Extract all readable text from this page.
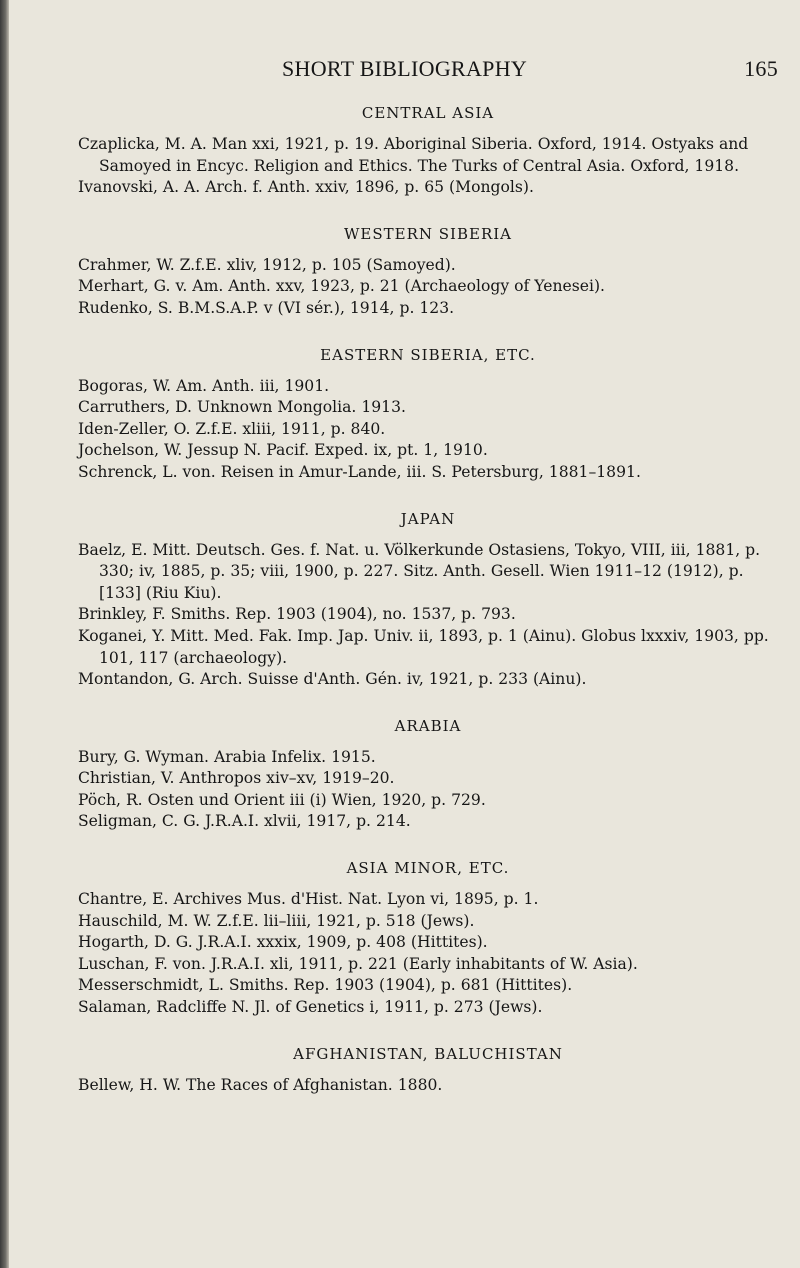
SHORT BIBLIOGRAPHY	165
CENTRAL ASIA

Czaplicka, M. A. Man xxi, 1921, p. 19. Aboriginal Siberia. Oxford, 1914. Ostyaks and Samoyed in Encyc. Religion and Ethics. The Turks of Central Asia. Oxford, 1918.

Ivanovski, A. A. Arch. f. Anth. xxiv, 1896, p. 65 (Mongols).

WESTERN SIBERIA

Crahmer, W. Z.f.E. xliv, 1912, p. 105 (Samoyed).

Merhart, G. v. Am. Anth. xxv, 1923, p. 21 (Archaeology of Yenesei).

Rudenko, S. B.M.S.A.P. v (VI sér.), 1914, p. 123.

EASTERN SIBERIA, ETC.

Bogoras, W. Am. Anth. iii, 1901.

Carruthers, D. Unknown Mongolia. 1913.

Iden-Zeller, O. Z.f.E. xliii, 1911, p. 840.

Jochelson, W. Jessup N. Pacif. Exped. ix, pt. 1, 1910.

Schrenck, L. von. Reisen in Amur-Lande, iii. S. Petersburg, 1881–1891.

JAPAN

Baelz, E. Mitt. Deutsch. Ges. f. Nat. u. Völkerkunde Ostasiens, Tokyo, VIII, iii, 1881, p. 330; iv, 1885, p. 35; viii, 1900, p. 227. Sitz. Anth. Gesell. Wien 1911–12 (1912), p. [133] (Riu Kiu).

Brinkley, F. Smiths. Rep. 1903 (1904), no. 1537, p. 793.

Koganei, Y. Mitt. Med. Fak. Imp. Jap. Univ. ii, 1893, p. 1 (Ainu). Globus lxxxiv, 1903, pp. 101, 117 (archaeology).

Montandon, G. Arch. Suisse d'Anth. Gén. iv, 1921, p. 233 (Ainu).

ARABIA

Bury, G. Wyman. Arabia Infelix. 1915.

Christian, V. Anthropos xiv–xv, 1919–20.

Pöch, R. Osten und Orient iii (i) Wien, 1920, p. 729.

Seligman, C. G. J.R.A.I. xlvii, 1917, p. 214.

ASIA MINOR, ETC.

Chantre, E. Archives Mus. d'Hist. Nat. Lyon vi, 1895, p. 1.

Hauschild, M. W. Z.f.E. lii–liii, 1921, p. 518 (Jews).

Hogarth, D. G. J.R.A.I. xxxix, 1909, p. 408 (Hittites).

Luschan, F. von. J.R.A.I. xli, 1911, p. 221 (Early inhabitants of W. Asia).

Messerschmidt, L. Smiths. Rep. 1903 (1904), p. 681 (Hittites).

Salaman, Radcliffe N. Jl. of Genetics i, 1911, p. 273 (Jews).

AFGHANISTAN, BALUCHISTAN

Bellew, H. W. The Races of Afghanistan. 1880.
